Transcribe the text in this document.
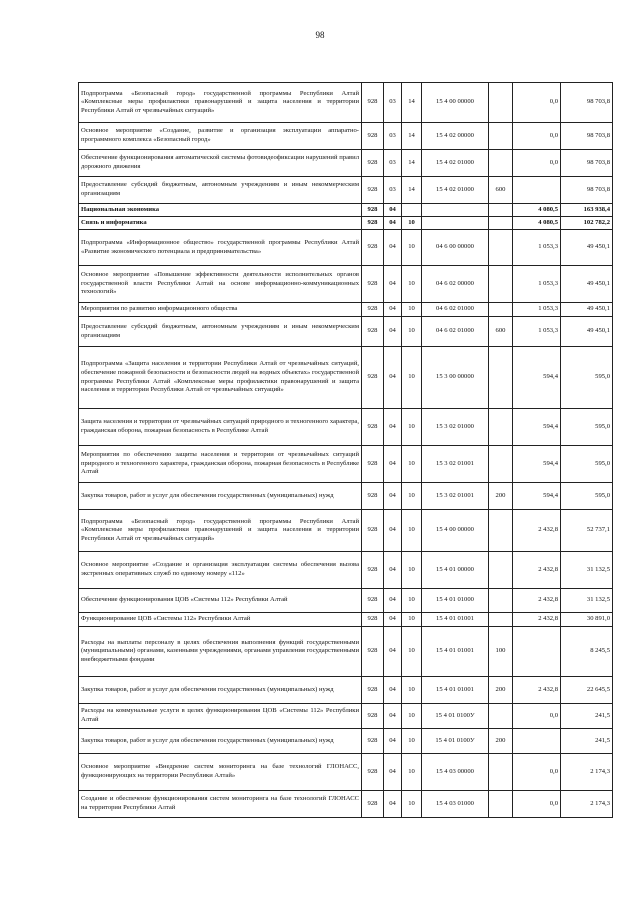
98
Подпрограмма «Безопасный город» государственной программы Республики Алтай «Комплексные меры профилактики правонарушений и защита населения и территории Республики Алтай от чрезвычайных ситуаций»	928	03	14	15 4 00 00000		0,0	98 703,8
Основное мероприятие «Создание, развитие и организация эксплуатации аппаратно-программного комплекса «Безопасный город»	928	03	14	15 4 02 00000		0,0	98 703,8
Обеспечение функционирования автоматической системы фотовидеофиксации нарушений правил дорожного движения	928	03	14	15 4 02 01000		0,0	98 703,8
Предоставление субсидий бюджетным, автономным учреждениям и иным некоммерческим организациям	928	03	14	15 4 02 01000	600		98 703,8
Национальная экономика	928	04				4 080,5	163 938,4
Связь и информатика	928	04	10			4 080,5	102 782,2
Подпрограмма «Информационное общество» государственной программы Республики Алтай «Развитие экономического потенциала и предпринимательства»	928	04	10	04 6 00 00000		1 053,3	49 450,1
Основное мероприятие «Повышение эффективности деятельности исполнительных органов государственной власти Республики Алтай на основе информационно-коммуникационных технологий»	928	04	10	04 6 02 00000		1 053,3	49 450,1
Мероприятия по развитию информационного общества	928	04	10	04 6 02 01000		1 053,3	49 450,1
Предоставление субсидий бюджетным, автономным учреждениям и иным некоммерческим организациям	928	04	10	04 6 02 01000	600	1 053,3	49 450,1
Подпрограмма «Защита населения и территории Республики Алтай от чрезвычайных ситуаций, обеспечение пожарной безопасности и безопасности людей на водных объектах» государственной программы Республики Алтай «Комплексные меры профилактики правонарушений и защита населения и территории Республики Алтай от чрезвычайных ситуаций»	928	04	10	15 3 00 00000		594,4	595,0
Защита населения и территории от чрезвычайных ситуаций природного и техногенного характера, гражданская оборона, пожарная безопасность в Республике Алтай	928	04	10	15 3 02 01000		594,4	595,0
Мероприятия по обеспечению защиты населения и территории от чрезвычайных ситуаций природного и техногенного характера, гражданская оборона, пожарная безопасность в Республике Алтай	928	04	10	15 3 02 01001		594,4	595,0
Закупка товаров, работ и услуг для обеспечения государственных (муниципальных) нужд	928	04	10	15 3 02 01001	200	594,4	595,0
Подпрограмма «Безопасный город» государственной программы Республики Алтай «Комплексные меры профилактики правонарушений и защита населения и территории Республики Алтай от чрезвычайных ситуаций»	928	04	10	15 4 00 00000		2 432,8	52 737,1
Основное мероприятие «Создание и организация эксплуатации системы обеспечения вызова экстренных оперативных служб по единому номеру «112»	928	04	10	15 4 01 00000		2 432,8	31 132,5
Обеспечение функционирования ЦОВ «Системы 112» Республики Алтай	928	04	10	15 4 01 01000		2 432,8	31 132,5
Функционирование ЦОВ «Системы 112» Республики Алтай	928	04	10	15 4 01 01001		2 432,8	30 891,0
Расходы на выплаты персоналу в целях обеспечения выполнения функций государственными (муниципальными) органами, казенными учреждениями, органами управления государственными внебюджетными фондами	928	04	10	15 4 01 01001	100		8 245,5
Закупка товаров, работ и услуг для обеспечения государственных (муниципальных) нужд	928	04	10	15 4 01 01001	200	2 432,8	22 645,5
Расходы на коммунальные услуги в целях функционирования ЦОВ «Системы 112» Республики Алтай	928	04	10	15 4 01 0100У		0,0	241,5
Закупка товаров, работ и услуг для обеспечения государственных (муниципальных) нужд	928	04	10	15 4 01 0100У	200		241,5
Основное мероприятие «Внедрение систем мониторинга на базе технологий ГЛОНАСС, функционирующих на территории Республики Алтай»	928	04	10	15 4 03 00000		0,0	2 174,3
Создание и обеспечение функционирования систем мониторинга на базе технологий ГЛОНАСС на территории Республики Алтай	928	04	10	15 4 03 01000		0,0	2 174,3
